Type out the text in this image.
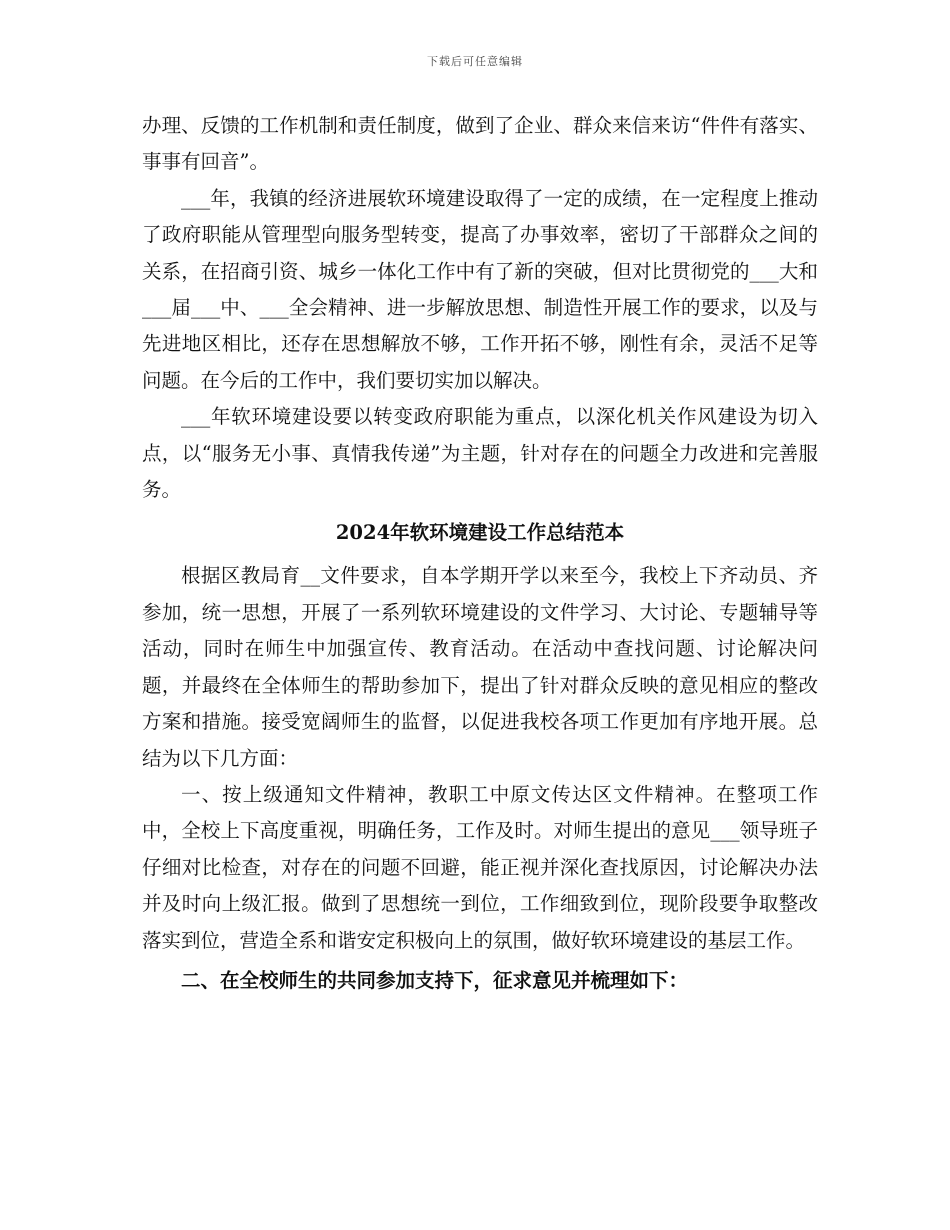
下载后可任意编辑

办理、反馈的工作机制和责任制度，做到了企业、群众来信来访“件件有落实、事事有回音”。

___年，我镇的经济进展软环境建设取得了一定的成绩，在一定程度上推动了政府职能从管理型向服务型转变，提高了办事效率，密切了干部群众之间的关系，在招商引资、城乡一体化工作中有了新的突破，但对比贯彻党的___大和___届___中、___全会精神、进一步解放思想、制造性开展工作的要求，以及与先进地区相比，还存在思想解放不够，工作开拓不够，刚性有余，灵活不足等问题。在今后的工作中，我们要切实加以解决。

___年软环境建设要以转变政府职能为重点，以深化机关作风建设为切入点，以“服务无小事、真情我传递”为主题，针对存在的问题全力改进和完善服务。

2024年软环境建设工作总结范本

根据区教局育__文件要求，自本学期开学以来至今，我校上下齐动员、齐参加，统一思想，开展了一系列软环境建设的文件学习、大讨论、专题辅导等活动，同时在师生中加强宣传、教育活动。在活动中查找问题、讨论解决问题，并最终在全体师生的帮助参加下，提出了针对群众反映的意见相应的整改方案和措施。接受宽阔师生的监督，以促进我校各项工作更加有序地开展。总结为以下几方面：

一、按上级通知文件精神，教职工中原文传达区文件精神。在整项工作中，全校上下高度重视，明确任务，工作及时。对师生提出的意见___领导班子仔细对比检查，对存在的问题不回避，能正视并深化查找原因，讨论解决办法并及时向上级汇报。做到了思想统一到位，工作细致到位，现阶段要争取整改落实到位，营造全系和谐安定积极向上的氛围，做好软环境建设的基层工作。

二、在全校师生的共同参加支持下，征求意见并梳理如下：
